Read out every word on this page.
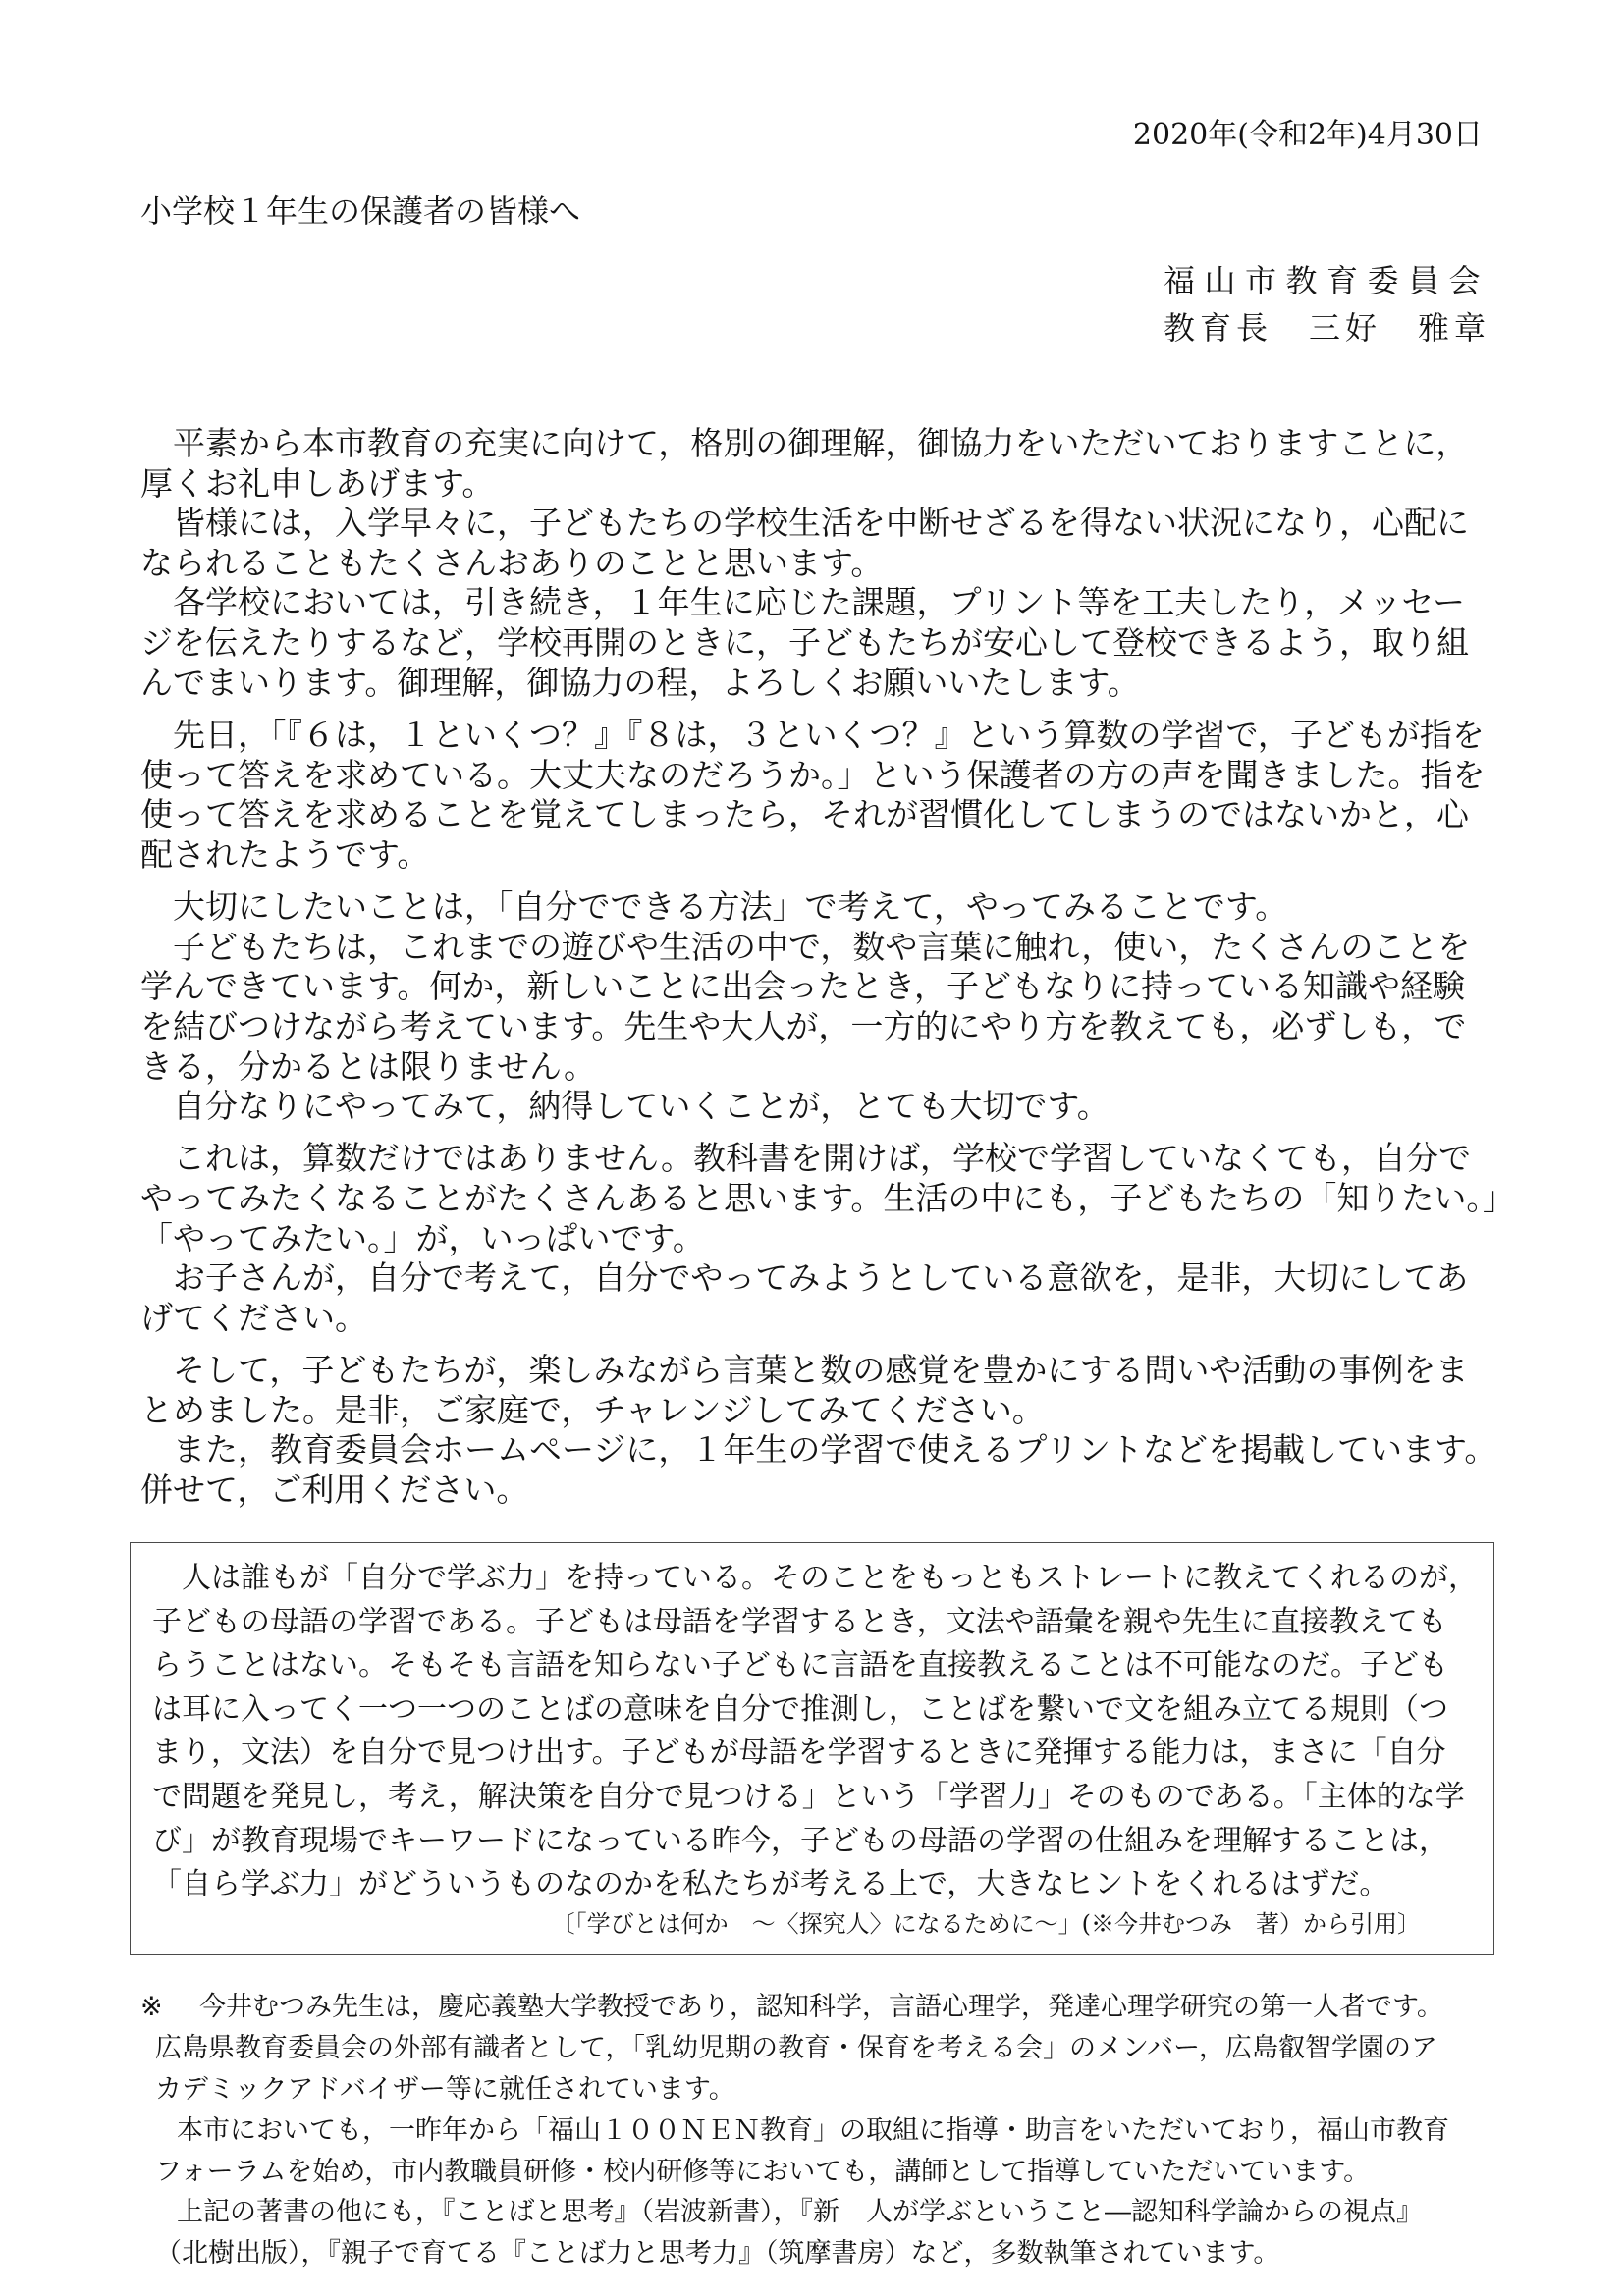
2020年(令和2年)4月30日
小学校１年生の保護者の皆様へ
福山市教育委員会
教育長　三好　雅章
平素から本市教育の充実に向けて，格別の御理解，御協力をいただいておりますことに，
厚くお礼申しあげます。
皆様には，入学早々に，子どもたちの学校生活を中断せざるを得ない状況になり，心配に
なられることもたくさんおありのことと思います。
各学校においては，引き続き，１年生に応じた課題，プリント等を工夫したり，メッセー
ジを伝えたりするなど，学校再開のときに，子どもたちが安心して登校できるよう，取り組
んでまいります。御理解，御協力の程，よろしくお願いいたします。
先日，「『６は，１といくつ？』『８は，３といくつ？』という算数の学習で，子どもが指を
使って答えを求めている。大丈夫なのだろうか。」という保護者の方の声を聞きました。指を
使って答えを求めることを覚えてしまったら，それが習慣化してしまうのではないかと，心
配されたようです。
大切にしたいことは，「自分でできる方法」で考えて，やってみることです。
子どもたちは，これまでの遊びや生活の中で，数や言葉に触れ，使い，たくさんのことを
学んできています。何か，新しいことに出会ったとき，子どもなりに持っている知識や経験
を結びつけながら考えています。先生や大人が，一方的にやり方を教えても，必ずしも，で
きる，分かるとは限りません。
自分なりにやってみて，納得していくことが，とても大切です。
これは，算数だけではありません。教科書を開けば，学校で学習していなくても，自分で
やってみたくなることがたくさんあると思います。生活の中にも，子どもたちの「知りたい。」
「やってみたい。」が，いっぱいです。
お子さんが，自分で考えて，自分でやってみようとしている意欲を，是非，大切にしてあ
げてください。
そして，子どもたちが，楽しみながら言葉と数の感覚を豊かにする問いや活動の事例をま
とめました。是非，ご家庭で，チャレンジしてみてください。
また，教育委員会ホームページに，１年生の学習で使えるプリントなどを掲載しています。
併せて，ご利用ください。
人は誰もが「自分で学ぶ力」を持っている。そのことをもっともストレートに教えてくれるのが，
子どもの母語の学習である。子どもは母語を学習するとき，文法や語彙を親や先生に直接教えても
らうことはない。そもそも言語を知らない子どもに言語を直接教えることは不可能なのだ。子ども
は耳に入ってく一つ一つのことばの意味を自分で推測し，ことばを繋いで文を組み立てる規則（つ
まり，文法）を自分で見つけ出す。子どもが母語を学習するときに発揮する能力は，まさに「自分
で問題を発見し，考え，解決策を自分で見つける」という「学習力」そのものである。「主体的な学
び」が教育現場でキーワードになっている昨今，子どもの母語の学習の仕組みを理解することは，
「自ら学ぶ力」がどういうものなのかを私たちが考える上で，大きなヒントをくれるはずだ。
〔「学びとは何か　～〈探究人〉になるために～」(※今井むつみ　著）から引用〕
※	今井むつみ先生は，慶応義塾大学教授であり，認知科学，言語心理学，発達心理学研究の第一人者です。
広島県教育委員会の外部有識者として，「乳幼児期の教育・保育を考える会」のメンバー，広島叡智学園のア
カデミックアドバイザー等に就任されています。
本市においても，一昨年から「福山１００ＮＥＮ教育」の取組に指導・助言をいただいており，福山市教育
フォーラムを始め，市内教職員研修・校内研修等においても，講師として指導していただいています。
上記の著書の他にも，『ことばと思考』（岩波新書），『新　人が学ぶということ―認知科学論からの視点』
（北樹出版），『親子で育てる『ことば力と思考力』（筑摩書房）など，多数執筆されています。
